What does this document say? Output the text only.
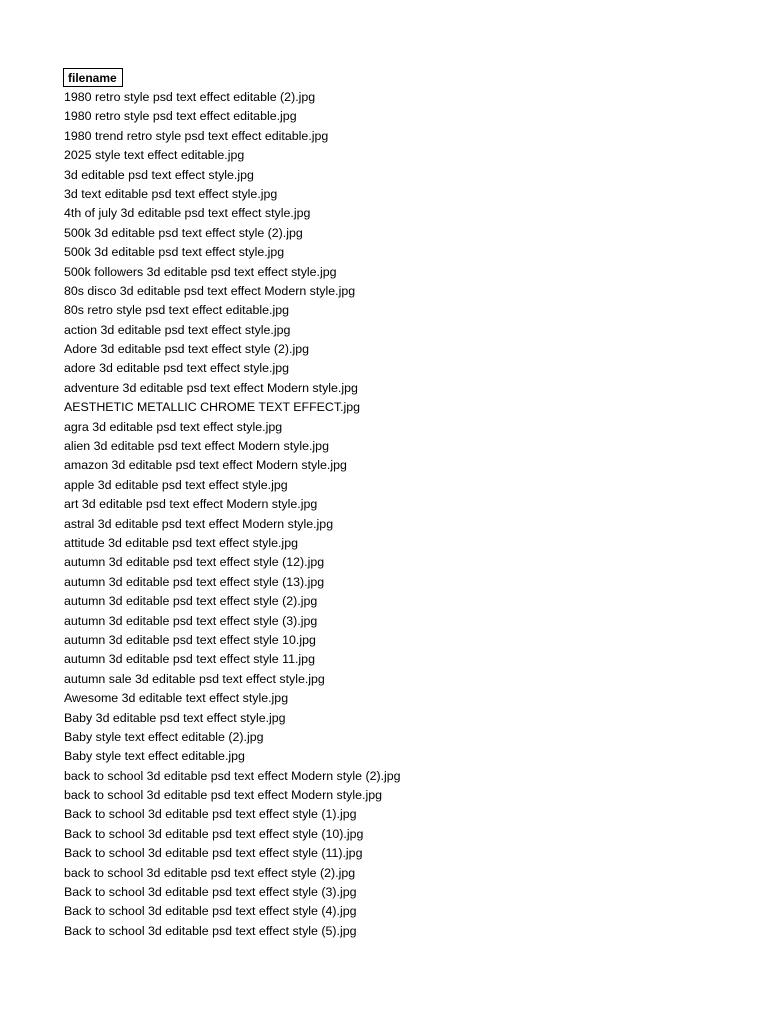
filename
1980 retro style psd text effect editable (2).jpg
1980 retro style psd text effect editable.jpg
1980 trend retro style psd text effect editable.jpg
2025 style text effect editable.jpg
3d editable psd text effect style.jpg
3d text editable psd text effect style.jpg
4th of july 3d editable psd text effect style.jpg
500k 3d editable psd text effect style (2).jpg
500k 3d editable psd text effect style.jpg
500k followers 3d editable psd text effect style.jpg
80s disco 3d editable psd text effect Modern style.jpg
80s retro style psd text effect editable.jpg
action 3d editable psd text effect style.jpg
Adore 3d editable psd text effect style (2).jpg
adore 3d editable psd text effect style.jpg
adventure 3d editable psd text effect Modern style.jpg
AESTHETIC METALLIC CHROME TEXT EFFECT.jpg
agra 3d editable psd text effect style.jpg
alien 3d editable psd text effect Modern style.jpg
amazon 3d editable psd text effect Modern style.jpg
apple 3d editable psd text effect style.jpg
art 3d editable psd text effect Modern style.jpg
astral 3d editable psd text effect Modern style.jpg
attitude 3d editable psd text effect style.jpg
autumn 3d editable psd text effect style (12).jpg
autumn 3d editable psd text effect style (13).jpg
autumn 3d editable psd text effect style (2).jpg
autumn 3d editable psd text effect style (3).jpg
autumn 3d editable psd text effect style 10.jpg
autumn 3d editable psd text effect style 11.jpg
autumn sale 3d editable psd text effect style.jpg
Awesome 3d editable text effect style.jpg
Baby 3d editable psd text effect style.jpg
Baby style text effect editable (2).jpg
Baby style text effect editable.jpg
back to school 3d editable psd text effect Modern style (2).jpg
back to school 3d editable psd text effect Modern style.jpg
Back to school 3d editable psd text effect style (1).jpg
Back to school 3d editable psd text effect style (10).jpg
Back to school 3d editable psd text effect style (11).jpg
back to school 3d editable psd text effect style (2).jpg
Back to school 3d editable psd text effect style (3).jpg
Back to school 3d editable psd text effect style (4).jpg
Back to school 3d editable psd text effect style (5).jpg
